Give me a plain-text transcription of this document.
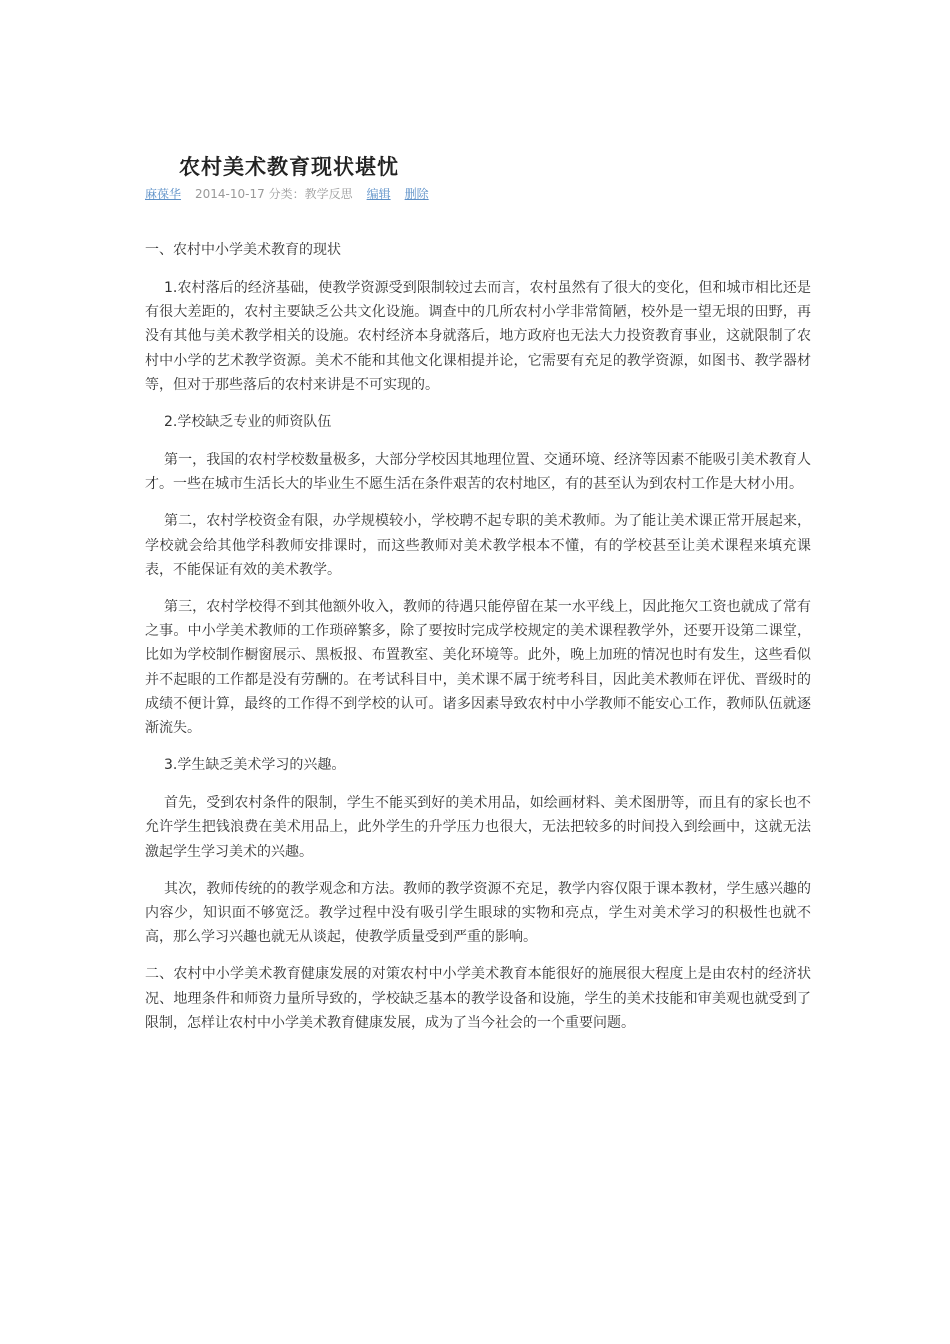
农村美术教育现状堪忧
麻葆华 2014-10-17 分类：教学反思 编辑 删除
一、农村中小学美术教育的现状

1.农村落后的经济基础，使教学资源受到限制较过去而言，农村虽然有了很大的变化，但和城市相比还是有很大差距的，农村主要缺乏公共文化设施。调查中的几所农村小学非常简陋，校外是一望无垠的田野，再没有其他与美术教学相关的设施。农村经济本身就落后，地方政府也无法大力投资教育事业，这就限制了农村中小学的艺术教学资源。美术不能和其他文化课相提并论，它需要有充足的教学资源，如图书、教学器材等，但对于那些落后的农村来讲是不可实现的。

2.学校缺乏专业的师资队伍

第一，我国的农村学校数量极多，大部分学校因其地理位置、交通环境、经济等因素不能吸引美术教育人才。一些在城市生活长大的毕业生不愿生活在条件艰苦的农村地区，有的甚至认为到农村工作是大材小用。

第二，农村学校资金有限，办学规模较小，学校聘不起专职的美术教师。为了能让美术课正常开展起来，学校就会给其他学科教师安排课时，而这些教师对美术教学根本不懂，有的学校甚至让美术课程来填充课表，不能保证有效的美术教学。

第三，农村学校得不到其他额外收入，教师的待遇只能停留在某一水平线上，因此拖欠工资也就成了常有之事。中小学美术教师的工作琐碎繁多，除了要按时完成学校规定的美术课程教学外，还要开设第二课堂，比如为学校制作橱窗展示、黑板报、布置教室、美化环境等。此外，晚上加班的情况也时有发生，这些看似并不起眼的工作都是没有劳酬的。在考试科目中，美术课不属于统考科目，因此美术教师在评优、晋级时的成绩不便计算，最终的工作得不到学校的认可。诸多因素导致农村中小学教师不能安心工作，教师队伍就逐渐流失。

3.学生缺乏美术学习的兴趣。

首先，受到农村条件的限制，学生不能买到好的美术用品，如绘画材料、美术图册等，而且有的家长也不允许学生把钱浪费在美术用品上，此外学生的升学压力也很大，无法把较多的时间投入到绘画中，这就无法激起学生学习美术的兴趣。

其次，教师传统的的教学观念和方法。教师的教学资源不充足，教学内容仅限于课本教材，学生感兴趣的内容少，知识面不够宽泛。教学过程中没有吸引学生眼球的实物和亮点，学生对美术学习的积极性也就不高，那么学习兴趣也就无从谈起，使教学质量受到严重的影响。

二、农村中小学美术教育健康发展的对策农村中小学美术教育本能很好的施展很大程度上是由农村的经济状况、地理条件和师资力量所导致的，学校缺乏基本的教学设备和设施，学生的美术技能和审美观也就受到了限制，怎样让农村中小学美术教育健康发展，成为了当今社会的一个重要问题。
